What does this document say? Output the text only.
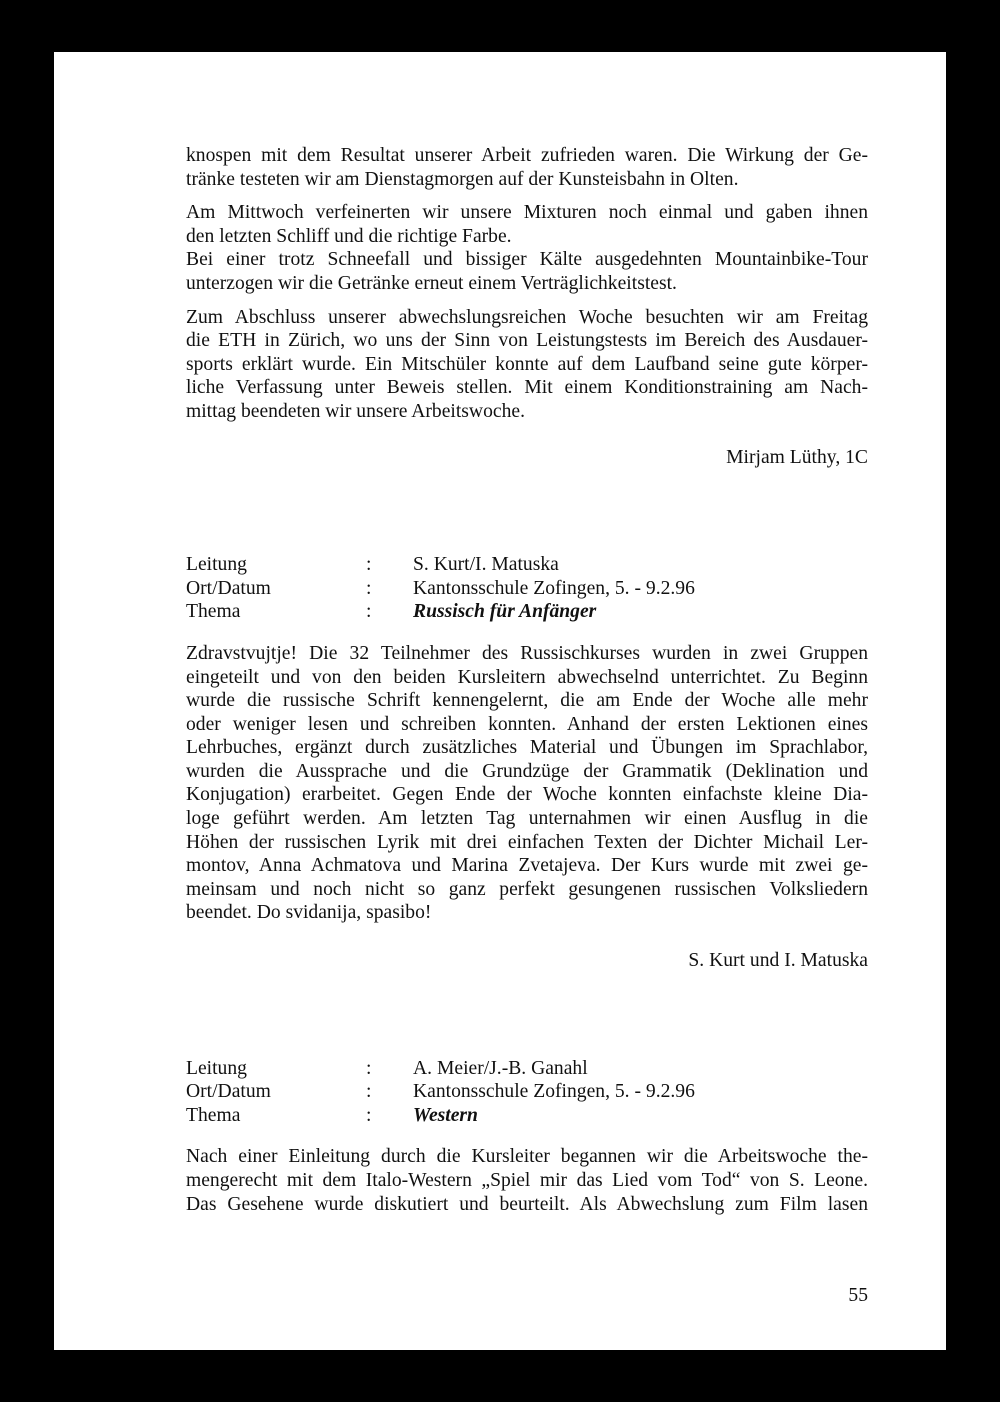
knospen mit dem Resultat unserer Arbeit zufrieden waren. Die Wirkung der Ge-
tränke testeten wir am Dienstagmorgen auf der Kunsteisbahn in Olten.

Am Mittwoch verfeinerten wir unsere Mixturen noch einmal und gaben ihnen
den letzten Schliff und die richtige Farbe.

Bei einer trotz Schneefall und bissiger Kälte ausgedehnten Mountainbike-Tour
unterzogen wir die Getränke erneut einem Verträglichkeitstest.

Zum Abschluss unserer abwechslungsreichen Woche besuchten wir am Freitag
die ETH in Zürich, wo uns der Sinn von Leistungstests im Bereich des Ausdauer-
sports erklärt wurde. Ein Mitschüler konnte auf dem Laufband seine gute körper-
liche Verfassung unter Beweis stellen. Mit einem Konditionstraining am Nach-
mittag beendeten wir unsere Arbeitswoche.

Mirjam Lüthy, 1C

Leitung	: S. Kurt/I. Matuska
Ort/Datum	: Kantonsschule Zofingen, 5. - 9.2.96
Thema	: Russisch für Anfänger

Zdravstvujtje! Die 32 Teilnehmer des Russischkurses wurden in zwei Gruppen
eingeteilt und von den beiden Kursleitern abwechselnd unterrichtet. Zu Beginn
wurde die russische Schrift kennengelernt, die am Ende der Woche alle mehr
oder weniger lesen und schreiben konnten. Anhand der ersten Lektionen eines
Lehrbuches, ergänzt durch zusätzliches Material und Übungen im Sprachlabor,
wurden die Aussprache und die Grundzüge der Grammatik (Deklination und
Konjugation) erarbeitet. Gegen Ende der Woche konnten einfachste kleine Dia-
loge geführt werden. Am letzten Tag unternahmen wir einen Ausflug in die
Höhen der russischen Lyrik mit drei einfachen Texten der Dichter Michail Ler-
montov, Anna Achmatova und Marina Zvetajeva. Der Kurs wurde mit zwei ge-
meinsam und noch nicht so ganz perfekt gesungenen russischen Volksliedern
beendet. Do svidanija, spasibo!

S. Kurt und I. Matuska

Leitung	: A. Meier/J.-B. Ganahl
Ort/Datum	: Kantonsschule Zofingen, 5. - 9.2.96
Thema	: Western

Nach einer Einleitung durch die Kursleiter begannen wir die Arbeitswoche the-
mengerecht mit dem Italo-Western „Spiel mir das Lied vom Tod“ von S. Leone.
Das Gesehene wurde diskutiert und beurteilt. Als Abwechslung zum Film lasen

55
